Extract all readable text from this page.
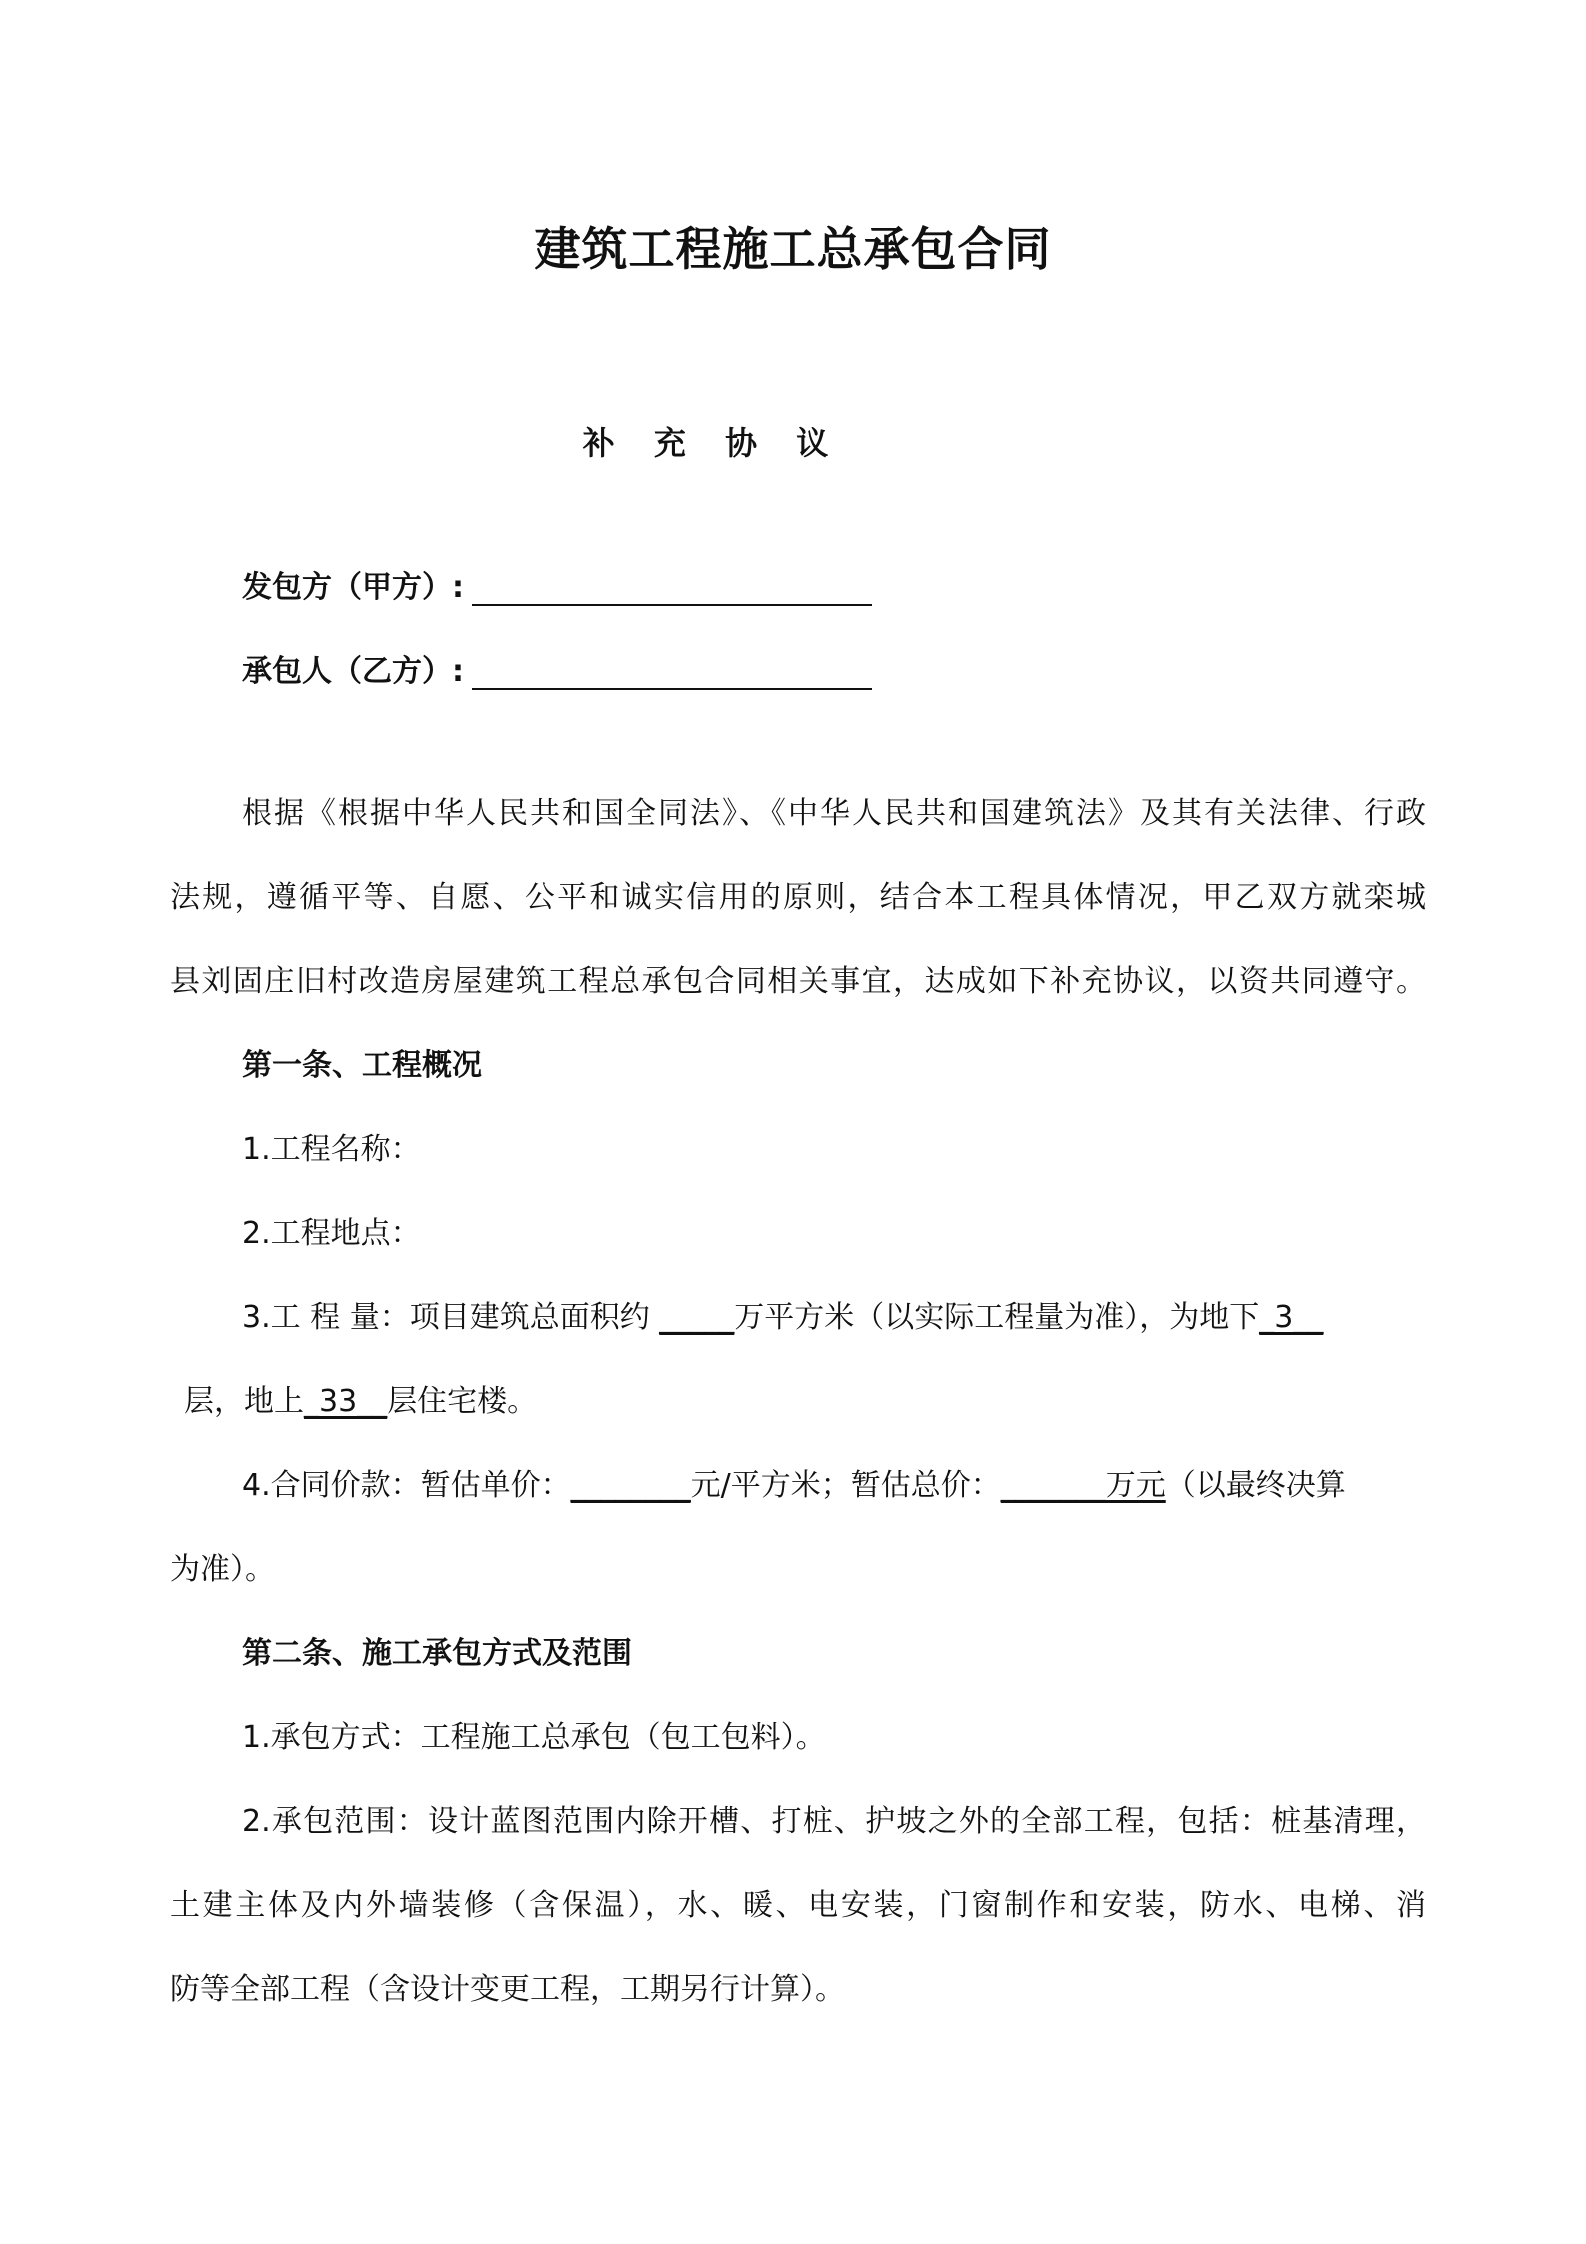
建筑工程施工总承包合同
补 充 协 议
发包方（甲方）:
承包人（乙方）:
根据《根据中华人民共和国全同法》、《中华人民共和国建筑法》及其有关法律、行政
法规，遵循平等、自愿、公平和诚实信用的原则，结合本工程具体情况，甲乙双方就栾城
县刘固庄旧村改造房屋建筑工程总承包合同相关事宜，达成如下补充协议，以资共同遵守。
第一条、工程概况
1.工程名称：
2.工程地点：
3.工 程 量：项目建筑总面积约 _____万平方米（以实际工程量为准），为地下_3__
层，地上_33__层住宅楼。
4.合同价款：暂估单价：________元/平方米；暂估总价：_______万元（以最终决算
为准）。
第二条、施工承包方式及范围
1.承包方式：工程施工总承包（包工包料）。
2.承包范围：设计蓝图范围内除开槽、打桩、护坡之外的全部工程，包括：桩基清理，
土建主体及内外墙装修（含保温），水、暖、电安装，门窗制作和安装，防水、电梯、消
防等全部工程（含设计变更工程，工期另行计算）。
